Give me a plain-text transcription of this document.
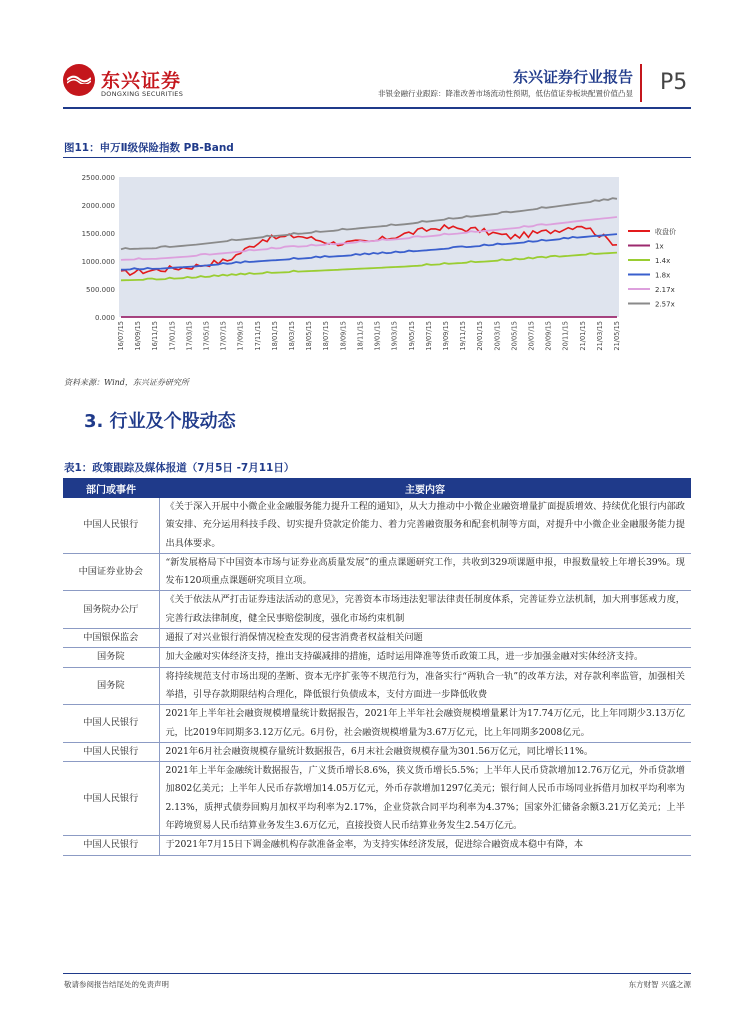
东兴证券
DONGXING SECURITIES
东兴证券行业报告
非银金融行业跟踪：降准改善市场流动性预期，低估值证券板块配置价值凸显 P5
图11：申万Ⅱ级保险指数 PB-Band
0.000
500.000
1000.000
1500.000
2000.000
2500.000
16/07/15 16/09/15 16/11/15 17/01/15 17/03/15 17/05/15 17/07/15 17/09/15 17/11/15 18/01/15 18/03/15 18/05/15 18/07/15 18/09/15 18/11/15 19/01/15 19/03/15 19/05/15 19/07/15 19/09/15 19/11/15 20/01/15 20/03/15 20/05/15 20/07/15 20/09/15 20/11/15 21/01/15 21/03/15 21/05/15
收盘价
1x
1.4x
1.8x
2.17x
2.57x
资料来源：Wind，东兴证券研究所
3. 行业及个股动态
表1：政策跟踪及媒体报道（7月5日 -7月11日）
部门或事件	主要内容
中国人民银行	《关于深入开展中小微企业金融服务能力提升工程的通知》，从大力推动中小微企业融资增量扩面提质增效、持续优化银行内部政策安排、充分运用科技手段、切实提升贷款定价能力、着力完善融资服务和配套机制等方面，对提升中小微企业金融服务能力提出具体要求。
中国证券业协会	“新发展格局下中国资本市场与证券业高质量发展”的重点课题研究工作，共收到329项课题申报，申报数量较上年增长39%。现发布120项重点课题研究项目立项。
国务院办公厅	《关于依法从严打击证券违法活动的意见》，完善资本市场违法犯罪法律责任制度体系，完善证券立法机制，加大刑事惩戒力度，完善行政法律制度，健全民事赔偿制度，强化市场约束机制
中国银保监会	通报了对兴业银行消保情况检查发现的侵害消费者权益相关问题
国务院	加大金融对实体经济支持，推出支持碳减排的措施，适时运用降准等货币政策工具，进一步加强金融对实体经济支持。
国务院	将持续规范支付市场出现的垄断、资本无序扩张等不规范行为，准备实行“两轨合一轨”的改革方法，对存款利率监管，加强相关举措，引导存款期限结构合理化，降低银行负债成本，支付方面进一步降低收费
中国人民银行	2021年上半年社会融资规模增量统计数据报告，2021年上半年社会融资规模增量累计为17.74万亿元，比上年同期少3.13万亿元，比2019年同期多3.12万亿元。6月份，社会融资规模增量为3.67万亿元，比上年同期多2008亿元。
中国人民银行	2021年6月社会融资规模存量统计数据报告，6月末社会融资规模存量为301.56万亿元，同比增长11%。
中国人民银行	2021年上半年金融统计数据报告，广义货币增长8.6%，狭义货币增长5.5%；上半年人民币贷款增加12.76万亿元，外币贷款增加802亿美元；上半年人民币存款增加14.05万亿元，外币存款增加1297亿美元；银行间人民币市场同业拆借月加权平均利率为2.13%，质押式债券回购月加权平均利率为2.17%，企业贷款合同平均利率为4.37%；国家外汇储备余额3.21万亿美元；上半年跨境贸易人民币结算业务发生3.6万亿元，直接投资人民币结算业务发生2.54万亿元。
中国人民银行	于2021年7月15日下调金融机构存款准备金率，为支持实体经济发展，促进综合融资成本稳中有降，本
敬请参阅报告结尾处的免责声明	东方财智 兴盛之源
